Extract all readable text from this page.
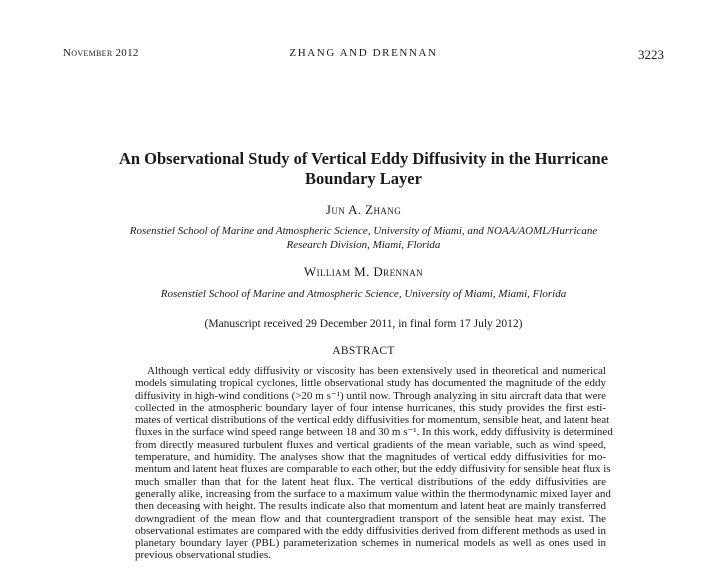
November 2012	ZHANG AND DRENNAN	3223
An Observational Study of Vertical Eddy Diffusivity in the Hurricane
Boundary Layer
Jun A. Zhang
Rosenstiel School of Marine and Atmospheric Science, University of Miami, and NOAA/AOML/Hurricane
Research Division, Miami, Florida
William M. Drennan
Rosenstiel School of Marine and Atmospheric Science, University of Miami, Miami, Florida
(Manuscript received 29 December 2011, in final form 17 July 2012)
ABSTRACT
Although vertical eddy diffusivity or viscosity has been extensively used in theoretical and numerical
models simulating tropical cyclones, little observational study has documented the magnitude of the eddy
diffusivity in high-wind conditions (>20 m s⁻¹) until now. Through analyzing in situ aircraft data that were
collected in the atmospheric boundary layer of four intense hurricanes, this study provides the first esti-
mates of vertical distributions of the vertical eddy diffusivities for momentum, sensible heat, and latent heat
fluxes in the surface wind speed range between 18 and 30 m s⁻¹. In this work, eddy diffusivity is determined
from directly measured turbulent fluxes and vertical gradients of the mean variable, such as wind speed,
temperature, and humidity. The analyses show that the magnitudes of vertical eddy diffusivities for mo-
mentum and latent heat fluxes are comparable to each other, but the eddy diffusivity for sensible heat flux is
much smaller than that for the latent heat flux. The vertical distributions of the eddy diffusivities are
generally alike, increasing from the surface to a maximum value within the thermodynamic mixed layer and
then deceasing with height. The results indicate also that momentum and latent heat are mainly transferred
downgradient of the mean flow and that countergradient transport of the sensible heat may exist. The
observational estimates are compared with the eddy diffusivities derived from different methods as used in
planetary boundary layer (PBL) parameterization schemes in numerical models as well as ones used in
previous observational studies.
